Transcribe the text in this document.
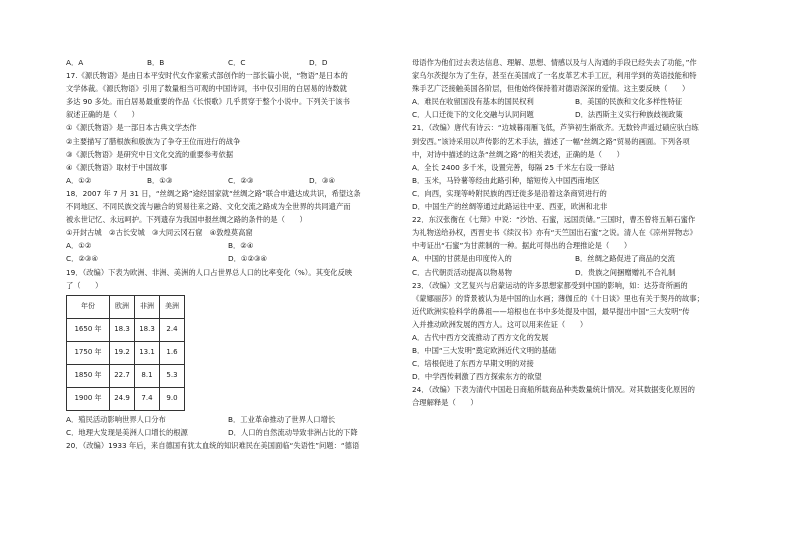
A．A	B．B	C．C	D．D
17.《源氏物语》是由日本平安时代女作家紫式部创作的一部长篇小说，“物语”是日本的
文学体裁。《源氏物语》引用了数量相当可观的中国诗词，书中仅引用的白居易的诗数就
多达 90 多处。而白居易最重要的作品《长恨歌》几乎贯穿于整个小说中。下列关于该书
叙述正确的是（　　）
①《源氏物语》是一部日本古典文学杰作
②主要描写了腊根族和殷族为了争夺王位而进行的战争
③《源氏物语》是研究中日文化交流的重要参考依据
④《源氏物语》取材于中国故事
A．①②	B．①③	C．②③	D．③④
18．2007 年 7 月 31 日，“丝绸之路”途经国家就“丝绸之路”联合申遗达成共识，希望这条
不同地区、不同民族交流与融合的贸易往来之路、文化交流之路成为全世界的共同遗产而
被永世记忆、永远呵护。下列遗存为我国申报丝绸之路的条件的是（　　）
①开封古城　②古长安城　③大同云冈石窟　④敦煌莫高窟
A．①②	B．②④
C．②③④	D．①②③④
19．（改编）下表为欧洲、非洲、美洲的人口占世界总人口的比率变化（%）。其变化反映
了（　　）
年份	欧洲	非洲	美洲
1650 年	18.3	18.3	2.4
1750 年	19.2	13.1	1.6
1850 年	22.7	8.1	5.3
1900 年	24.9	7.4	9.0
A．殖民活动影响世界人口分布	B．工业革命推动了世界人口增长
C．地理大发现是美洲人口增长的根源	D．人口的自然流动导致非洲占比的下降
20．（改编）1933 年后，来自德国有犹太血统的知识难民在美国面临“失语性”问题：“德语
母语作为他们过去表达信息、理解、思想、情感以及与人沟通的手段已经失去了功能，”作
家乌尔茨提尔为了生存，甚至在美国成了一名皮革艺术手工匠，利用学到的英语技能和特
殊手艺广泛接触美国各阶层，但他始终保持着对德语深深的爱情。这主要反映（　　）
A．难民在收留国没有基本的国民权利	B．美国的民族和文化多样性特征
C．人口迁徙下的文化交融与认同问题	D．法西斯主义实行种族歧视政策
21．（改编）唐代有诗云：“边城暮雨雁飞低，芦笋初生渐欲齐。无数铃声遥过碛应驮白练
到安西。”该诗采用以声传影的艺术手法，描述了一幅“丝绸之路”贸易的画面。下列各项
中，对诗中描述的这条“丝绸之路”的相关表述，正确的是（　　）
A．全长 2400 多千米，设置完善，每隔 25 千米左右设一驿站
B．玉米，马铃薯等经由此路引种，缩短传入中国西南地区
C．向西，实现等岭附民族的西迁徙多是沿着这条商贸进行的
D．中国生产的丝绸等通过此路运往中亚、西亚，欧洲和北非
22．东汉张衡在《七辩》中说：“沙饴、石蜜，远国贡储。”三国时，曹丕曾将五斛石蜜作
为礼物送给孙权，西晋史书《续汉书》亦有“天竺国出石蜜”之说。清人在《凉州异物志》
中考证出“石蜜”为甘蔗制的一种。据此可得出的合理推论是（　　）
A．中国的甘蔗是由印度传入的	B．丝绸之路促进了商品的交流
C．古代朝贡活动提高以物易物	D．贵族之间捆赠赠礼不合礼制
23．（改编）文艺复兴与启蒙运动的许多思想家都受到中国的影响，如：达芬奇所画的
《蒙娜丽莎》的背景被认为是中国的山水画；薄伽丘的《十日谈》里也有关于契丹的故事；
近代欧洲实验科学的鼻祖——培根也在书中多处提及中国，最早提出中国“三大发明”传
入并推动欧洲发展的西方人。这可以用来佐证（　　）
A．古代中西方交流推动了西方文化的发展
B．中国“三大发明”奠定欧洲近代文明的基础
C．培根促进了东西方早期文明的对接
D．中学西传刺激了西方探索东方的欲望
24．（改编）下表为清代中国赴日商船所载商品种类数量统计情况。对其数据变化原因的
合理解释是（　　）
